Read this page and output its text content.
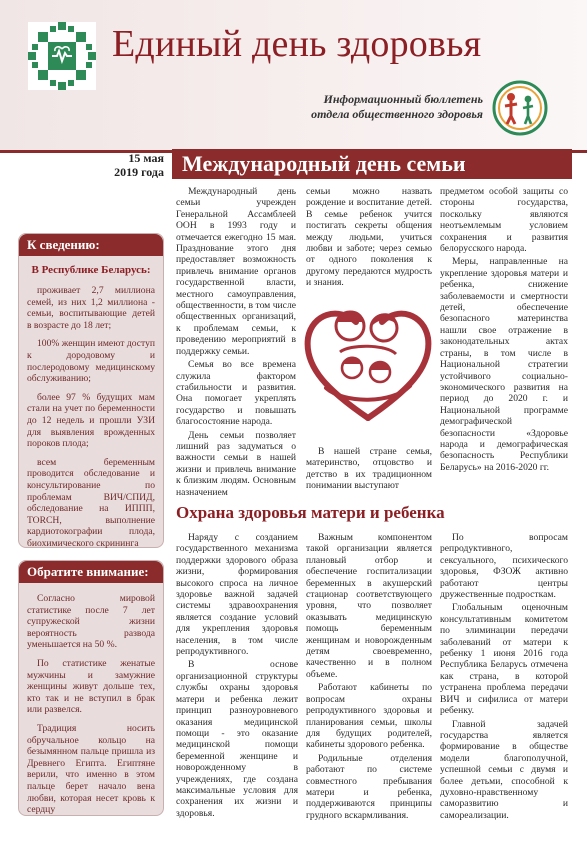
Единый день здоровья
Информационный бюллетень
отдела общественного здоровья
15 мая
2019 года Международный день семьи
К сведению:
В Республике Беларусь:

проживает 2,7 миллиона семей, из них 1,2 миллиона - семьи, воспитывающие детей в возрасте до 18 лет;

100% женщин имеют доступ к дородовому и послеродовому медицинскому обслуживанию;

более 97 % будущих мам стали на учет по беременности до 12 недель и прошли УЗИ для выявления врожденных пороков плода;

всем беременным проводится обследование и консультирование по проблемам ВИЧ/СПИД, обследование на ИППП, TORCH, выполнение кардиотокографии плода, биохимического скрининга

Обратите внимание:

Согласно мировой статистике после 7 лет супружеской жизни вероятность развода уменьшается на 50 %.

По статистике женатые мужчины и замужние женщины живут дольше тех, кто так и не вступил в брак или развелся.

Традиция носить обручальное кольцо на безымянном пальце пришла из Древнего Египта. Египтяне верили, что именно в этом пальце берет начало вена любви, которая несет кровь к сердцу

Международный день семьи учрежден Генеральной Ассамблеей ООН в 1993 году и отмечается ежегодно 15 мая. Празднование этого дня предоставляет возможность привлечь внимание органов государственной власти, местного самоуправления, общественности, в том числе общественных организаций, к проблемам семьи, к проведению мероприятий в поддержку семьи.

Семья во все времена служила фактором стабильности и развития. Она помогает укреплять государство и повышать благосостояние народа.

День семьи позволяет лишний раз задуматься о важности семьи в нашей жизни и привлечь внимание к близким людям. Основным назначением

семьи можно назвать рождение и воспитание детей. В семье ребенок учится постигать секреты общения между людьми, учиться любви и заботе; через семью от одного поколения к другому передаются мудрость и знания.

В нашей стране семья, материнство, отцовство и детство в их традиционном понимании выступают

предметом особой защиты со стороны государства, поскольку являются неотъемлемым условием сохранения и развития белорусского народа.

Меры, направленные на укрепление здоровья матери и ребенка, снижение заболеваемости и смертности детей, обеспечение безопасного материнства нашли свое отражение в законодательных актах страны, в том числе в Национальной стратегии устойчивого социально-экономического развития на период до 2020 г. и Национальной программе демографической безопасности «Здоровье народа и демографическая безопасность Республики Беларусь» на 2016-2020 гг.

Охрана здоровья матери и ребенка

Наряду с созданием государственного механизма поддержки здорового образа жизни, формирования высокого спроса на личное здоровье важной задачей системы здравоохранения является создание условий для укрепления здоровья населения, в том числе репродуктивного.

В основе организационной структуры службы охраны здоровья матери и ребенка лежит принцип разноуровневого оказания медицинской помощи - это оказание медицинской помощи беременной женщине и новорожденному в учреждениях, где создана максимальные условия для сохранения их жизни и здоровья.

Важным компонентом такой организации является плановый отбор и обеспечение госпитализации беременных в акушерский стационар соответствующего уровня, что позволяет оказывать медицинскую помощь беременным женщинам и новорожденным детям своевременно, качественно и в полном объеме.

Работают кабинеты по вопросам охраны репродуктивного здоровья и планирования семьи, школы для будущих родителей, кабинеты здорового ребенка.

Родильные отделения работают по системе совместного пребывания матери и ребенка, поддерживаются принципы грудного вскармливания.

По вопросам репродуктивного, сексуального, психического здоровья, ФЗОЖ активно работают центры дружественные подросткам.

Глобальным оценочным консультативным комитетом по элиминации передачи заболеваний от матери к ребенку 1 июня 2016 года Республика Беларусь отмечена как страна, в которой устранена проблема передачи ВИЧ и сифилиса от матери ребенку.

Главной задачей государства является формирование в обществе модели благополучной, успешной семьи с двумя и более детьми, способной к духовно-нравственному саморазвитию и самореализации.
